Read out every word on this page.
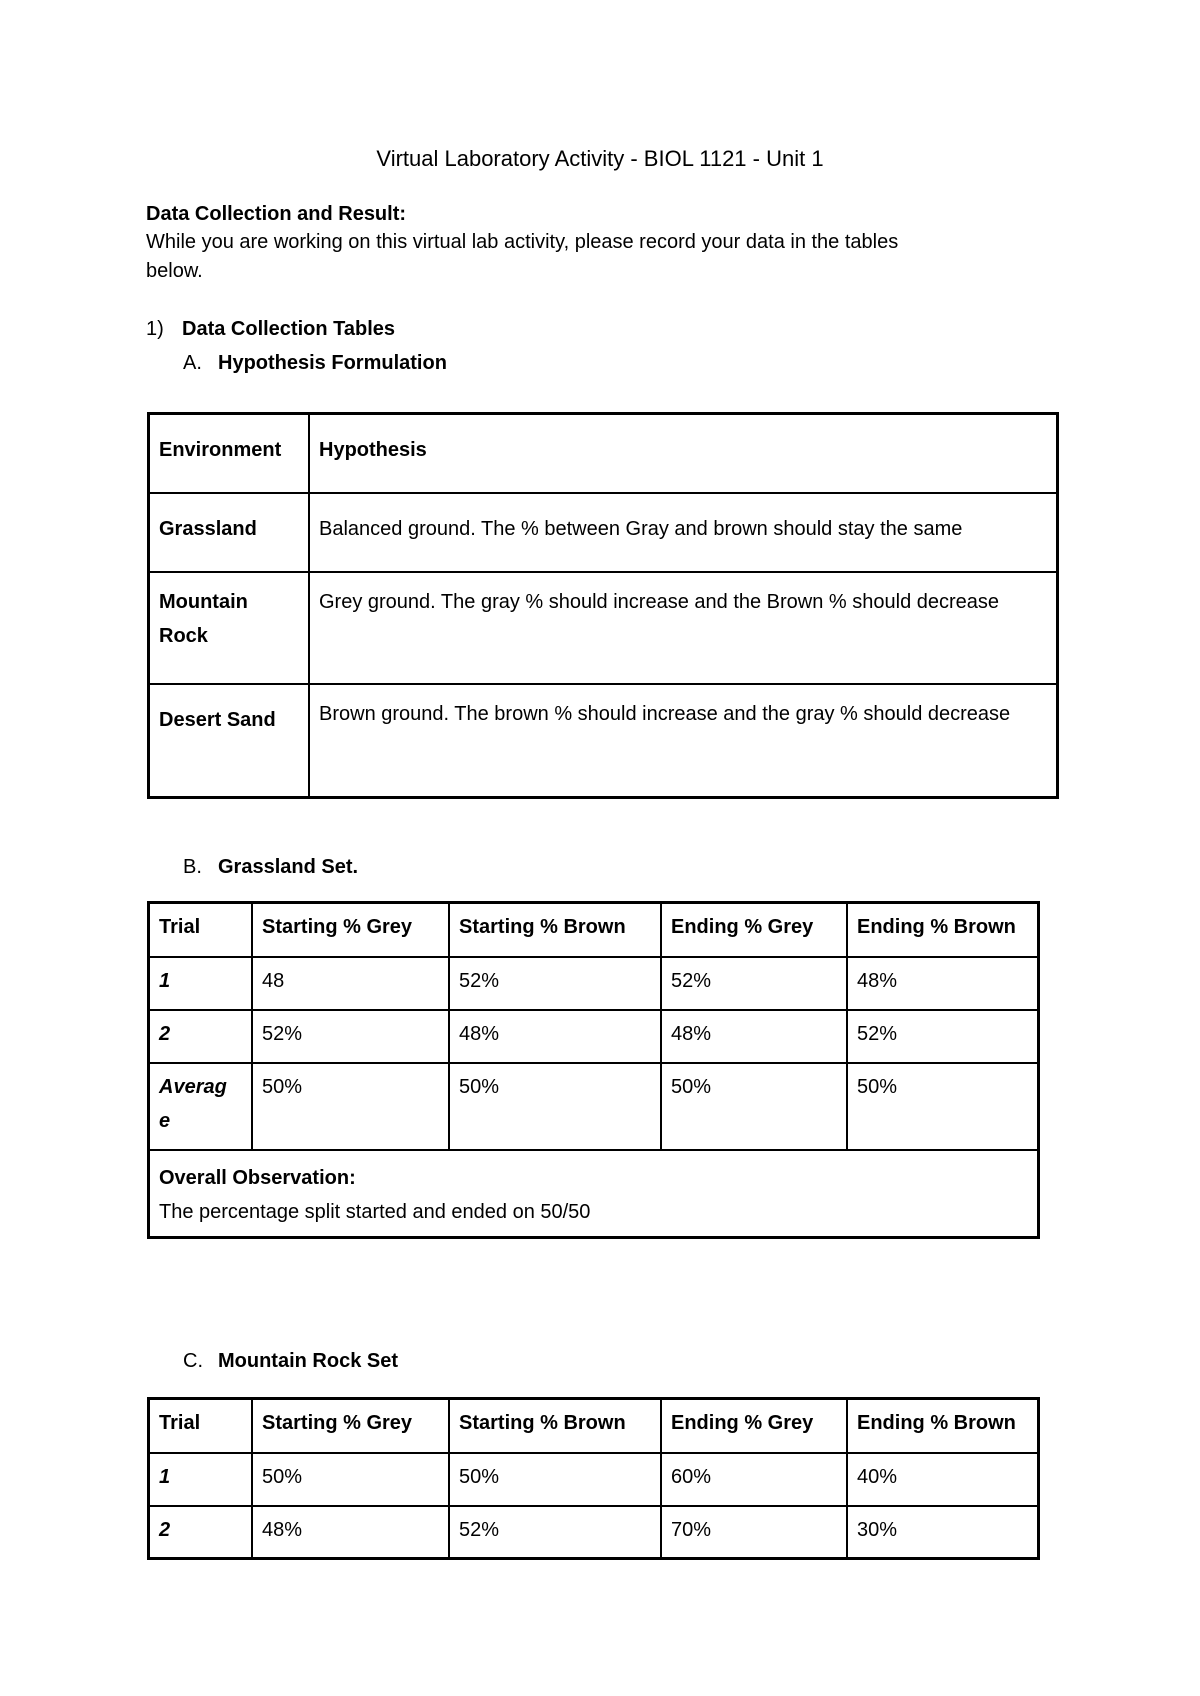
Virtual Laboratory Activity - BIOL 1121 - Unit 1
Data Collection and Result:
While you are working on this virtual lab activity, please record your data in the tables
below.
1) Data Collection Tables
A. Hypothesis Formulation
Environment	Hypothesis
Grassland	Balanced ground. The % between Gray and brown should stay the same
Mountain
Rock	Grey ground. The gray % should increase and the Brown % should decrease
Desert Sand	Brown ground. The brown % should increase and the gray % should decrease
B. Grassland Set.
Trial	Starting % Grey	Starting % Brown	Ending % Grey	Ending % Brown
1	48	52%	52%	48%
2	52%	48%	48%	52%
Averag
e	50%	50%	50%	50%

Overall Observation:
The percentage split started and ended on 50/50				
C. Mountain Rock Set
Trial	Starting % Grey	Starting % Brown	Ending % Grey	Ending % Brown
1	50%	50%	60%	40%
2	48%	52%	70%	30%
